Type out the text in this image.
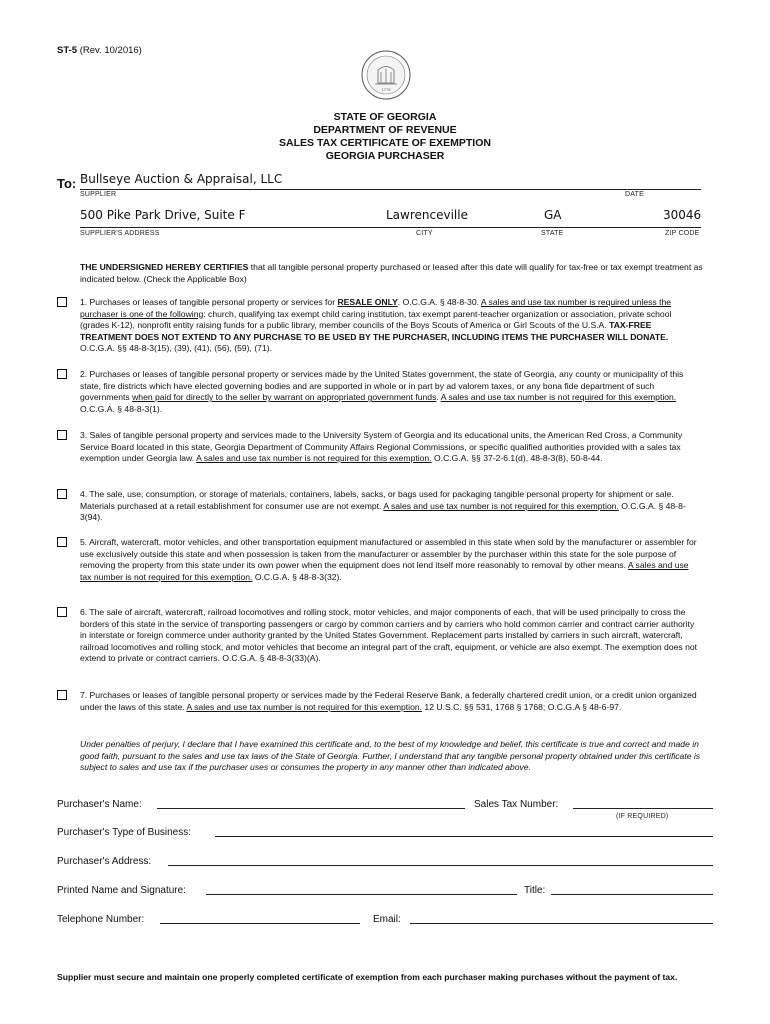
ST-5 (Rev. 10/2016)
1776
STATE OF GEORGIA
DEPARTMENT OF REVENUE
SALES TAX CERTIFICATE OF EXEMPTION
GEORGIA PURCHASER
To: Bullseye Auction & Appraisal, LLC
SUPPLIER	DATE
500 Pike Park Drive, Suite F	Lawrenceville	GA	30046
SUPPLIER'S ADDRESS	CITY	STATE	ZIP CODE
THE UNDERSIGNED HEREBY CERTIFIES that all tangible personal property purchased or leased after this date will qualify for tax-free or tax exempt treatment as indicated below. (Check the Applicable Box)
1. Purchases or leases of tangible personal property or services for RESALE ONLY. O.C.G.A. § 48-8-30. A sales and use tax number is required unless the purchaser is one of the following: church, qualifying tax exempt child caring institution, tax exempt parent-teacher organization or association, private school (grades K-12), nonprofit entity raising funds for a public library, member councils of the Boys Scouts of America or Girl Scouts of the U.S.A. TAX-FREE TREATMENT DOES NOT EXTEND TO ANY PURCHASE TO BE USED BY THE PURCHASER, INCLUDING ITEMS THE PURCHASER WILL DONATE. O.C.G.A. §§ 48-8-3(15), (39), (41), (56), (59), (71).
2. Purchases or leases of tangible personal property or services made by the United States government, the state of Georgia, any county or municipality of this state, fire districts which have elected governing bodies and are supported in whole or in part by ad valorem taxes, or any bona fide department of such governments when paid for directly to the seller by warrant on appropriated government funds. A sales and use tax number is not required for this exemption. O.C.G.A. § 48-8-3(1).
3. Sales of tangible personal property and services made to the University System of Georgia and its educational units, the American Red Cross, a Community Service Board located in this state, Georgia Department of Community Affairs Regional Commissions, or specific qualified authorities provided with a sales tax exemption under Georgia law. A sales and use tax number is not required for this exemption. O.C.G.A. §§ 37-2-6.1(d), 48-8-3(8), 50-8-44.
4. The sale, use, consumption, or storage of materials, containers, labels, sacks, or bags used for packaging tangible personal property for shipment or sale. Materials purchased at a retail establishment for consumer use are not exempt. A sales and use tax number is not required for this exemption. O.C.G.A. § 48-8-3(94).
5. Aircraft, watercraft, motor vehicles, and other transportation equipment manufactured or assembled in this state when sold by the manufacturer or assembler for use exclusively outside this state and when possession is taken from the manufacturer or assembler by the purchaser within this state for the sole purpose of removing the property from this state under its own power when the equipment does not lend itself more reasonably to removal by other means. A sales and use tax number is not required for this exemption. O.C.G.A. § 48-8-3(32).
6. The sale of aircraft, watercraft, railroad locomotives and rolling stock, motor vehicles, and major components of each, that will be used principally to cross the borders of this state in the service of transporting passengers or cargo by common carriers and by carriers who hold common carrier and contract carrier authority in interstate or foreign commerce under authority granted by the United States Government. Replacement parts installed by carriers in such aircraft, watercraft, railroad locomotives and rolling stock, and motor vehicles that become an integral part of the craft, equipment, or vehicle are also exempt. The exemption does not extend to private or contract carriers. O.C.G.A. § 48-8-3(33)(A).
7. Purchases or leases of tangible personal property or services made by the Federal Reserve Bank, a federally chartered credit union, or a credit union organized under the laws of this state. A sales and use tax number is not required for this exemption. 12 U.S.C. §§ 531, 1768 § 1768; O.C.G.A § 48-6-97.
Under penalties of perjury, I declare that I have examined this certificate and, to the best of my knowledge and belief, this certificate is true and correct and made in good faith, pursuant to the sales and use tax laws of the State of Georgia. Further, I understand that any tangible personal property obtained under this certificate is subject to sales and use tax if the purchaser uses or consumes the property in any manner other than indicated above.
Purchaser's Name:	Sales Tax Number:
(IF REQUIRED)
Purchaser's Type of Business:
Purchaser's Address:
Printed Name and Signature:	Title:
Telephone Number:	Email:
Supplier must secure and maintain one properly completed certificate of exemption from each purchaser making purchases without the payment of tax.
